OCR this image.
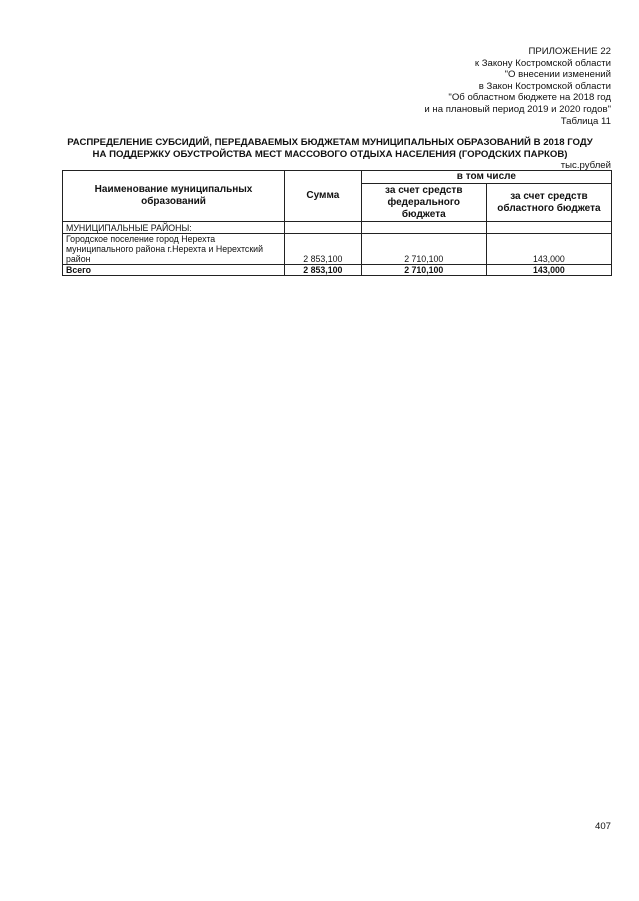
ПРИЛОЖЕНИЕ 22
к Закону Костромской области
"О внесении изменений
в Закон Костромской области
"Об областном бюджете на 2018 год
и на плановый период 2019 и 2020 годов"
Таблица 11
РАСПРЕДЕЛЕНИЕ СУБСИДИЙ, ПЕРЕДАВАЕМЫХ БЮДЖЕТАМ МУНИЦИПАЛЬНЫХ ОБРАЗОВАНИЙ В 2018 ГОДУ
НА ПОДДЕРЖКУ ОБУСТРОЙСТВА МЕСТ МАССОВОГО ОТДЫХА НАСЕЛЕНИЯ (ГОРОДСКИХ ПАРКОВ)
тыс.рублей
Наименование муниципальных образований	Сумма	в том числе	
		за счет средств федерального бюджета	за счет средств областного бюджета
МУНИЦИПАЛЬНЫЕ РАЙОНЫ:			
Городское поселение город Нерехта муниципального района г.Нерехта и Нерехтский район	2 853,100	2 710,100	143,000
Всего	2 853,100	2 710,100	143,000
407
